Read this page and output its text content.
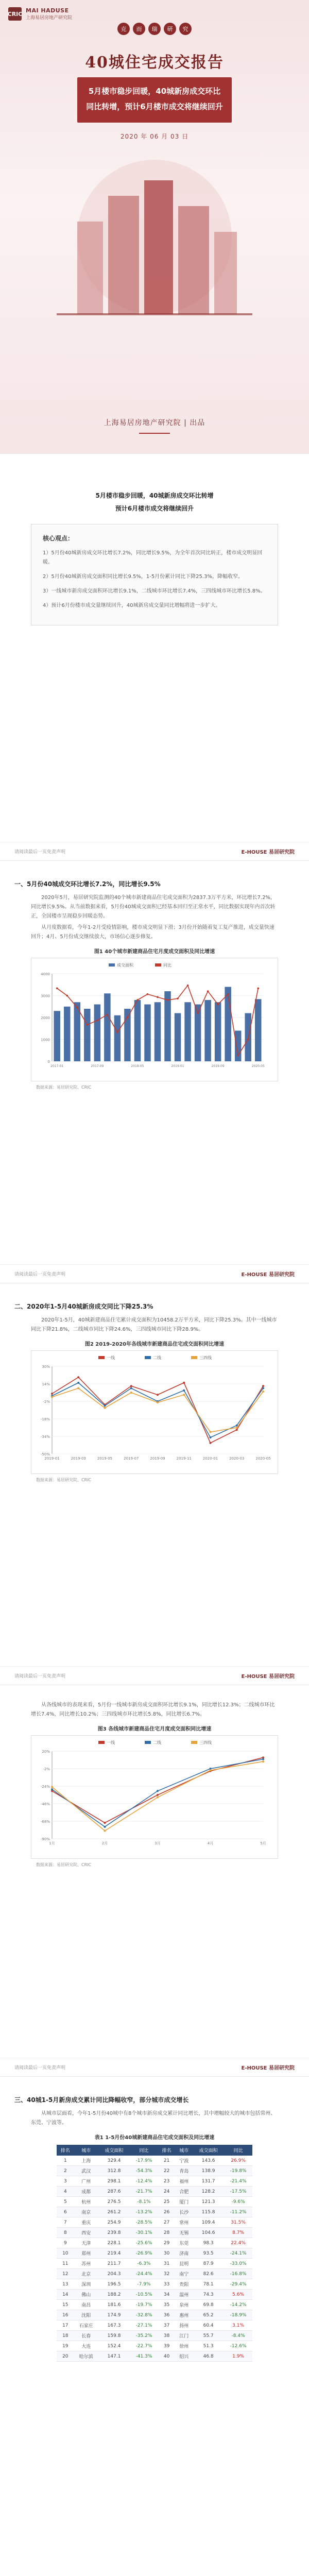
CRIC MAI HADUSE
上海易居房地产研究院
克	而	瑞	研	究
40城住宅成交报告
5月楼市稳步回暖，40城新房成交环比
同比转增，预计6月楼市成交将继续回升
2020 年 06 月 03 日
上海易居房地产研究院 | 出品
5月楼市稳步回暖，40城新房成交环比转增
预计6月楼市成交将继续回升
核心观点：
1）5月份40城新房成交环比增长7.2%，同比增长9.5%，为全年首次同比转正，楼市成交明显回暖。
2）5月份40城新房成交面积同比增长9.5%，1-5月份累计同比下降25.3%，降幅收窄。
3）一线城市新房成交面积环比增长9.1%，二线城市环比增长7.4%，三四线城市环比增长5.8%。
4）预计6月份楼市成交量继续回升，40城新房成交量同比增幅将进一步扩大。
请阅读最后一页免责声明	E-HOUSE 易居研究院
一、5月份40城成交环比增长7.2%，同比增长9.5%
2020年5月，易居研究院监测的40个城市新建商品住宅成交面积为2837.3万平方米，环比增长7.2%，同比增长9.5%。从当前数据来看，5月份40城成交面积已经基本回归至正常水平，同比数据实现年内首次转正，全国楼市呈现稳步回暖态势。
从月度数据看，今年1-2月受疫情影响，楼市成交明显下滑；3月份开始随着复工复产推进，成交量快速回升；4月、5月份成交继续放大，市场信心逐步修复。
图1 40个城市新建商品住宅月度成交面积及同比增速
0
1000
2000
3000
4000
2017-01	2017-09	2018-05	2019-01	2019-09	2020-05
成交面积	同比
数据来源：易居研究院、CRIC
请阅读最后一页免责声明	E-HOUSE 易居研究院
二、2020年1-5月40城新房成交同比下降25.3%
2020年1-5月，40城新建商品住宅累计成交面积为10458.2万平方米，同比下降25.3%。其中一线城市同比下降21.8%，二线城市同比下降24.6%，三四线城市同比下降28.9%。
图2 2019-2020年各线城市新建商品住宅成交面积同比增速
-50%
-34%
-18%
-2%
14%
30%
2019-01	2019-03	2019-05	2019-07	2019-09	2019-11	2020-01	2020-03	2020-05
一线	二线	三四线
数据来源：易居研究院、CRIC
请阅读最后一页免责声明	E-HOUSE 易居研究院
从各线城市的表现来看，5月份一线城市新房成交面积环比增长9.1%，同比增长12.3%；二线城市环比增长7.4%，同比增长10.2%；三四线城市环比增长5.8%，同比增长6.7%。
图3 各线城市新建商品住宅月度成交面积同比增速
-90%
-68%
-46%
-24%
-2%
20%
1月	2月	3月	4月	5月
一线	二线	三四线
数据来源：易居研究院、CRIC
请阅读最后一页免责声明	E-HOUSE 易居研究院
三、40城1-5月新房成交累计同比降幅收窄，部分城市成交增长
从城市层面看，今年1-5月份40城中有8个城市新房成交累计同比增长，其中增幅较大的城市包括常州、东莞、宁波等。
表1 1-5月份40城新建商品住宅成交面积及同比增速
排名	城市	成交面积	同比	排名	城市	成交面积	同比
1	上海	329.4	-17.9%	21	宁波	143.6	26.9%
2	武汉	312.8	-54.3%	22	青岛	138.9	-19.8%
3	广州	298.1	-12.4%	23	福州	131.7	-21.4%
4	成都	287.6	-21.7%	24	合肥	128.2	-17.5%
5	杭州	276.5	-8.1%	25	厦门	121.3	-9.6%
6	南京	261.2	-13.2%	26	长沙	115.8	-11.2%
7	重庆	254.9	-28.5%	27	常州	109.4	31.5%
8	西安	239.8	-30.1%	28	无锡	104.6	8.7%
9	天津	228.1	-25.6%	29	东莞	98.3	22.4%
10	郑州	219.4	-26.9%	30	济南	93.5	-24.1%
11	苏州	211.7	-6.3%	31	昆明	87.9	-33.0%
12	北京	204.3	-24.4%	32	南宁	82.6	-16.8%
13	深圳	196.5	-7.9%	33	贵阳	78.1	-29.4%
14	佛山	188.2	-10.5%	34	温州	74.3	5.6%
15	南昌	181.6	-19.7%	35	泉州	69.8	-14.2%
16	沈阳	174.9	-32.8%	36	惠州	65.2	-18.9%
17	石家庄	167.3	-27.1%	37	扬州	60.4	3.1%
18	长春	159.8	-35.2%	38	江门	55.7	-8.4%
19	大连	152.4	-22.7%	39	徐州	51.3	-12.6%
20	哈尔滨	147.1	-41.3%	40	绍兴	46.8	1.9%
